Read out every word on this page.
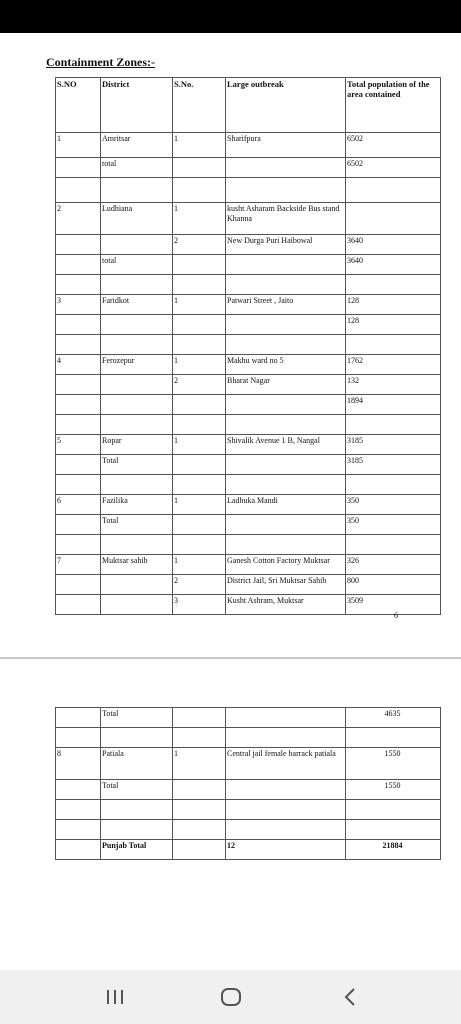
Containment Zones:-
S.NO	District	S.No.	Large outbreak	Total population of the area contained
1	Amritsar	1	Sharifpura	6502
	total			6502

2	Ludhiana	1	kusht Asharam Backside Bus stand Khanna	
		2	New Durga Puri Haibowal	3640
	total			3640

3	Faridkot	1	Patwari Street , Jaito	128
				128

4	Ferozepur	1	Makhu ward no 5	1762
		2	Bharat Nagar	132
				1894

5	Ropar	1	Shivalik Avenue 1 B, Nangal	3185
	Total			3185

6	Fazilika	1	Ladhuka Mandi	350
	Total			350

7	Muktsar sahib	1	Ganesh Cotton Factory Muktsar	326
		2	District Jail, Sri Muktsar Sahib	800
		3	Kusht Ashram, Muktsar	3509
6
	Total			4635

8	Patiala	1	Central jail female barrack patiala	1550
	Total			1550

	Punjab Total		12	21884
